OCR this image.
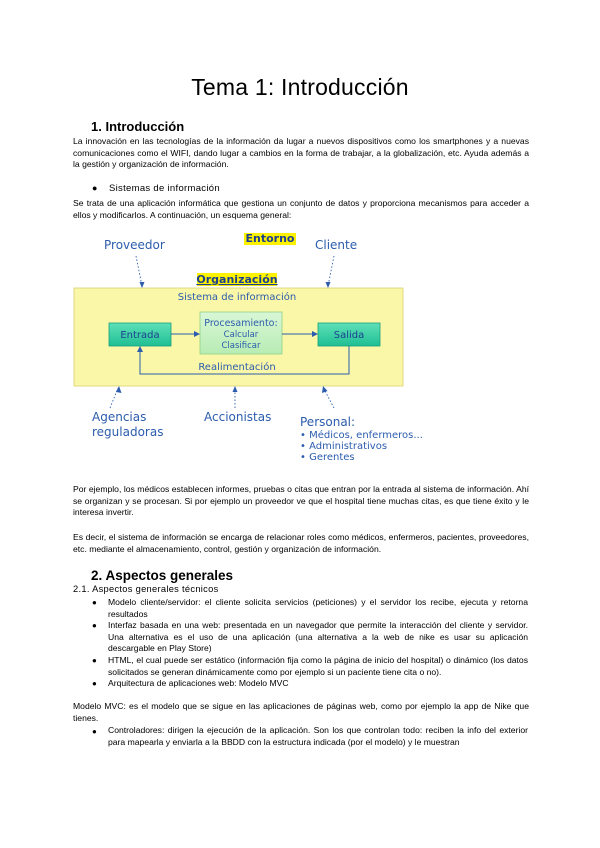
Tema 1: Introducción
1. Introducción

La innovación en las tecnologías de la información da lugar a nuevos dispositivos como los smartphones y a nuevas comunicaciones como el WIFI, dando lugar a cambios en la forma de trabajar, a la globalización, etc. Ayuda además a la gestión y organización de información.

● Sistemas de información

Se trata de una aplicación informática que gestiona un conjunto de datos y proporciona mecanismos para acceder a ellos y modificarlos. A continuación, un esquema general:

Entorno
Proveedor	Cliente
Organización
Sistema de información
Entrada
Procesamiento:
Calcular
Clasificar
Salida
Realimentación
Agencias
reguladoras
Accionistas Personal:
• Médicos, enfermeros...
• Administrativos
• Gerentes

Por ejemplo, los médicos establecen informes, pruebas o citas que entran por la entrada al sistema de información. Ahí se organizan y se procesan. Si por ejemplo un proveedor ve que el hospital tiene muchas citas, es que tiene éxito y le interesa invertir.

Es decir, el sistema de información se encarga de relacionar roles como médicos, enfermeros, pacientes, proveedores, etc. mediante el almacenamiento, control, gestión y organización de información.

2. Aspectos generales
2.1. Aspectos generales técnicos
● Modelo cliente/servidor: el cliente solicita servicios (peticiones) y el servidor los recibe, ejecuta y retorna resultados

● Interfaz basada en una web: presentada en un navegador que permite la interacción del cliente y servidor. Una alternativa es el uso de una aplicación (una alternativa a la web de nike es usar su aplicación descargable en Play Store)

● HTML, el cual puede ser estático (información fija como la página de inicio del hospital) o dinámico (los datos solicitados se generan dinámicamente como por ejemplo si un paciente tiene cita o no).

● Arquitectura de aplicaciones web: Modelo MVC

Modelo MVC: es el modelo que se sigue en las aplicaciones de páginas web, como por ejemplo la app de Nike que tienes.

● Controladores: dirigen la ejecución de la aplicación. Son los que controlan todo: reciben la info del exterior para mapearla y enviarla a la BBDD con la estructura indicada (por el modelo) y le muestran
